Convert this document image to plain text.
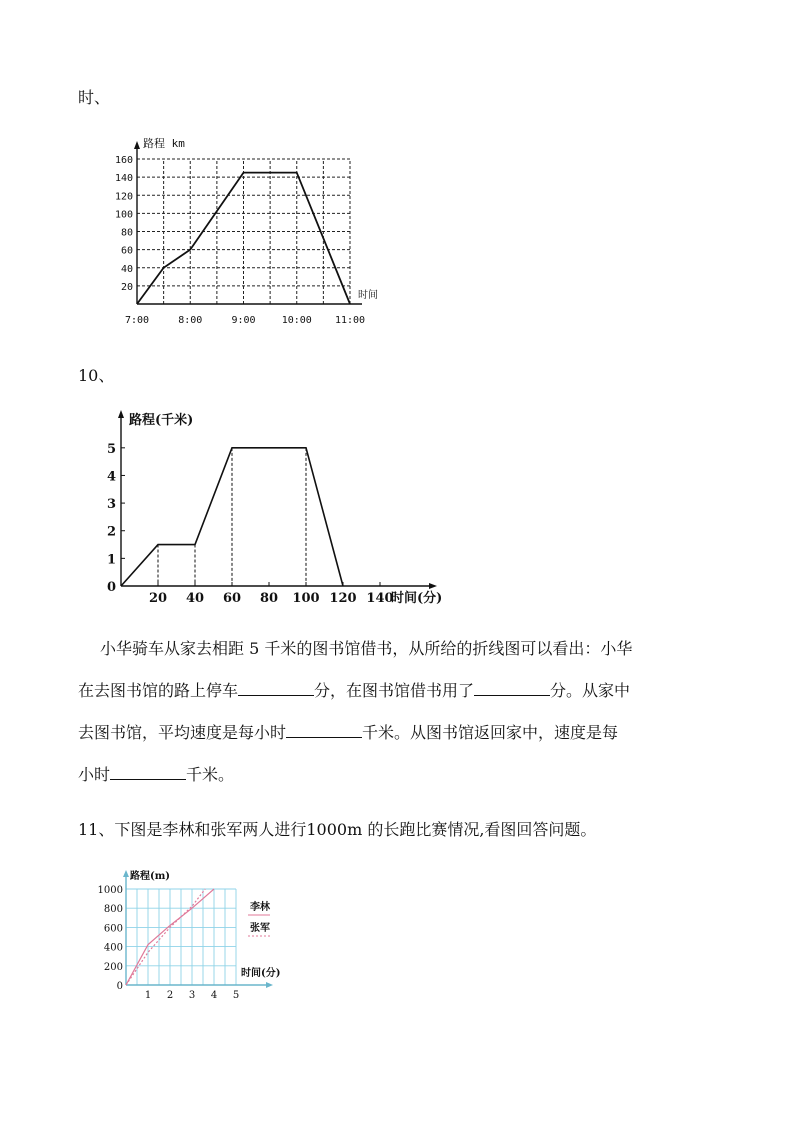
时、
20
40
60
80
100
120
140
160
路程 km
时间
7:00	8:00	9:00	10:00 11:00
10、
路程(千米)
时间(分)
0
1
2
3
4
5
20 40 60 80 100 120 140
小华骑车从家去相距 5 千米的图书馆借书，从所给的折线图可以看出：小华
在去图书馆的路上停车	分，在图书馆借书用了	分。从家中
去图书馆，平均速度是每小时	千米。从图书馆返回家中，速度是每
小时	千米。
11、下图是李林和张军两人进行1000m 的长跑比赛情况,看图回答问题。
0
200
400
600
800
1000
路程(m)
时间(分)
1 2 3 4 5
李林
张军
